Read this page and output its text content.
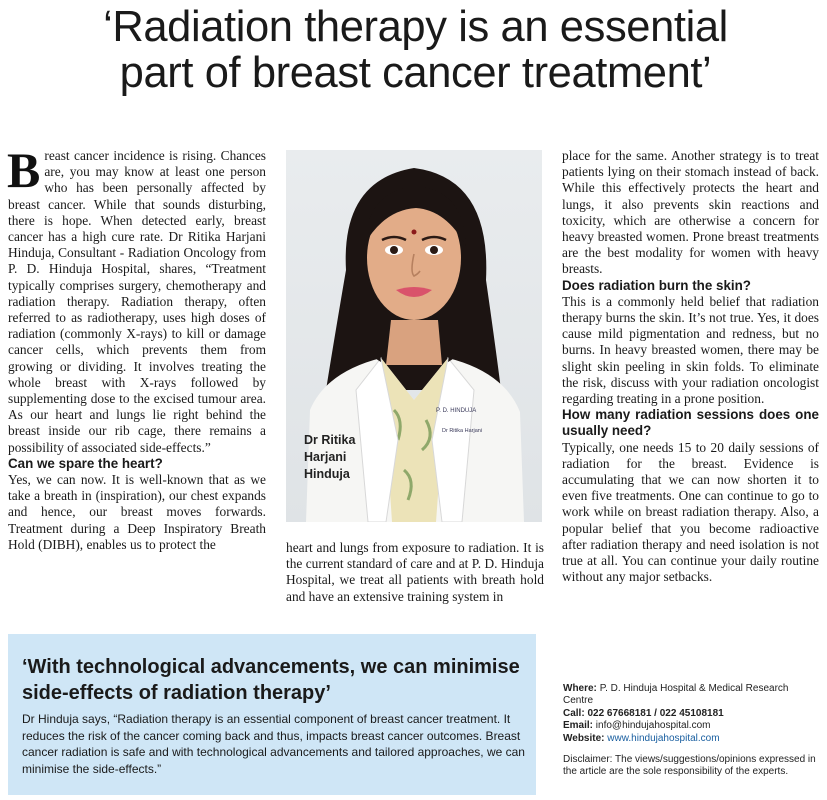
‘Radiation therapy is an essential
part of breast cancer treatment’

Breast cancer incidence is rising. Chances are, you may know at least one person who has been personally affected by breast cancer. While that sounds disturbing, there is hope. When detected early, breast cancer has a high cure rate. Dr Ritika Harjani Hinduja, Consultant - Radiation Oncology from P. D. Hinduja Hospital, shares, “Treatment typically comprises surgery, chemotherapy and radiation therapy. Radiation therapy, often referred to as radiotherapy, uses high doses of radiation (commonly X-rays) to kill or damage cancer cells, which prevents them from growing or dividing. It involves treating the whole breast with X-rays followed by supplementing dose to the excised tumour area. As our heart and lungs lie right behind the breast inside our rib cage, there remains a possibility of associated side-effects.”

Can we spare the heart?

Yes, we can now. It is well-known that as we take a breath in (inspiration), our chest expands and hence, our breast moves forwards. Treatment during a Deep Inspiratory Breath Hold (DIBH), enables us to protect the

P. D. HINDUJA
Dr Ritika Harjani
Dr Ritika
Harjani
Hinduja

heart and lungs from exposure to radiation. It is the current standard of care and at P. D. Hinduja Hospital, we treat all patients with breath hold and have an extensive training system in

place for the same. Another strategy is to treat patients lying on their stomach instead of back. While this effectively protects the heart and lungs, it also prevents skin reactions and toxicity, which are otherwise a concern for heavy breasted women. Prone breast treatments are the best modality for women with heavy breasts.

Does radiation burn the skin?

This is a commonly held belief that radiation therapy burns the skin. It’s not true. Yes, it does cause mild pigmentation and redness, but no burns. In heavy breasted women, there may be slight skin peeling in skin folds. To eliminate the risk, discuss with your radiation oncologist regarding treating in a prone position.

How many radiation sessions does one usually need?

Typically, one needs 15 to 20 daily sessions of radiation for the breast. Evidence is accumulating that we can now shorten it to even five treatments. One can continue to go to work while on breast radiation therapy. Also, a popular belief that you become radioactive after radiation therapy and need isolation is not true at all. You can continue your daily routine without any major setbacks.

‘With technological advancements, we can minimise side-effects of radiation therapy’

Dr Hinduja says, “Radiation therapy is an essential component of breast cancer treatment. It reduces the risk of the cancer coming back and thus, impacts breast cancer outcomes. Breast cancer radiation is safe and with technological advancements and tailored approaches, we can minimise the side-effects.”

Where: P. D. Hinduja Hospital & Medical Research Centre

Call: 022 67668181 / 022 45108181

Email: info@hindujahospital.com

Website: www.hindujahospital.com

Disclaimer: The views/suggestions/opinions expressed in the article are the sole responsibility of the experts.
